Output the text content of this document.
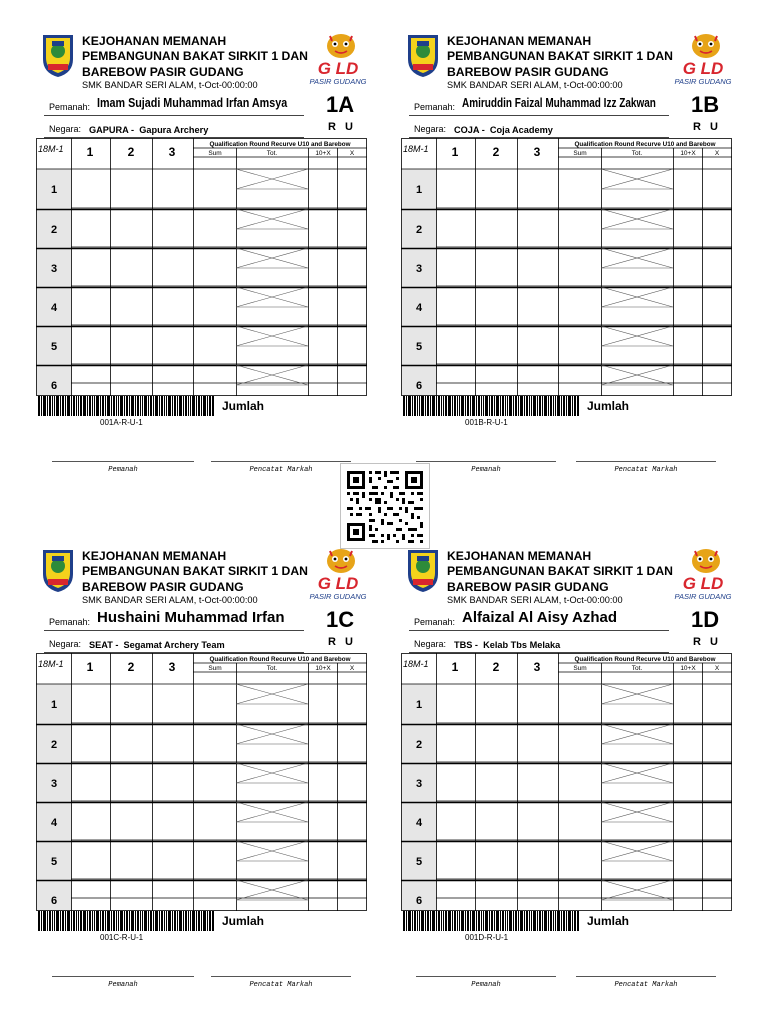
KEJOHANAN MEMANAH
PEMBANGUNAN BAKAT SIRKIT 1 DAN
BAREBOW PASIR GUDANG
SMK BANDAR SERI ALAM, t-Oct-00:00:00
G LD
PASIR GUDANG
Pemanah: Imam Sujadi Muhammad Irfan Amsya
Negara: GAPURA - Gapura Archery
1A
R U
18M-1 1	2	3
Qualification Round Recurve U10 and Barebow
Sum	Tot.	10+X	X
1
2
3
4
5
6
Jumlah
001A-R-U-1
KEJOHANAN MEMANAH
PEMBANGUNAN BAKAT SIRKIT 1 DAN
BAREBOW PASIR GUDANG
SMK BANDAR SERI ALAM, t-Oct-00:00:00
G LD
PASIR GUDANG
Pemanah: Amiruddin Faizal Muhammad Izz Zakwan
Negara: COJA - Coja Academy
1B
R U
18M-1 1	2	3
Qualification Round Recurve U10 and Barebow
Sum	Tot.	10+X	X
1
2
3
4
5
6
Jumlah
001B-R-U-1
Pemanah	Pencatat Markah	Pemanah	Pencatat Markah
KEJOHANAN MEMANAH
PEMBANGUNAN BAKAT SIRKIT 1 DAN
BAREBOW PASIR GUDANG
SMK BANDAR SERI ALAM, t-Oct-00:00:00
G LD
PASIR GUDANG
Pemanah: Hushaini Muhammad Irfan
Negara: SEAT - Segamat Archery Team
1C
R U
18M-1 1	2	3
Qualification Round Recurve U10 and Barebow
Sum	Tot.	10+X	X
1
2
3
4
5
6
Jumlah
001C-R-U-1
KEJOHANAN MEMANAH
PEMBANGUNAN BAKAT SIRKIT 1 DAN
BAREBOW PASIR GUDANG
SMK BANDAR SERI ALAM, t-Oct-00:00:00
G LD
PASIR GUDANG
Pemanah: Alfaizal Al Aisy Azhad
Negara: TBS - Kelab Tbs Melaka
1D
R U
18M-1 1	2	3
Qualification Round Recurve U10 and Barebow
Sum	Tot.	10+X	X
1
2
3
4
5
6
Jumlah
001D-R-U-1
Pemanah	Pencatat Markah	Pemanah	Pencatat Markah
